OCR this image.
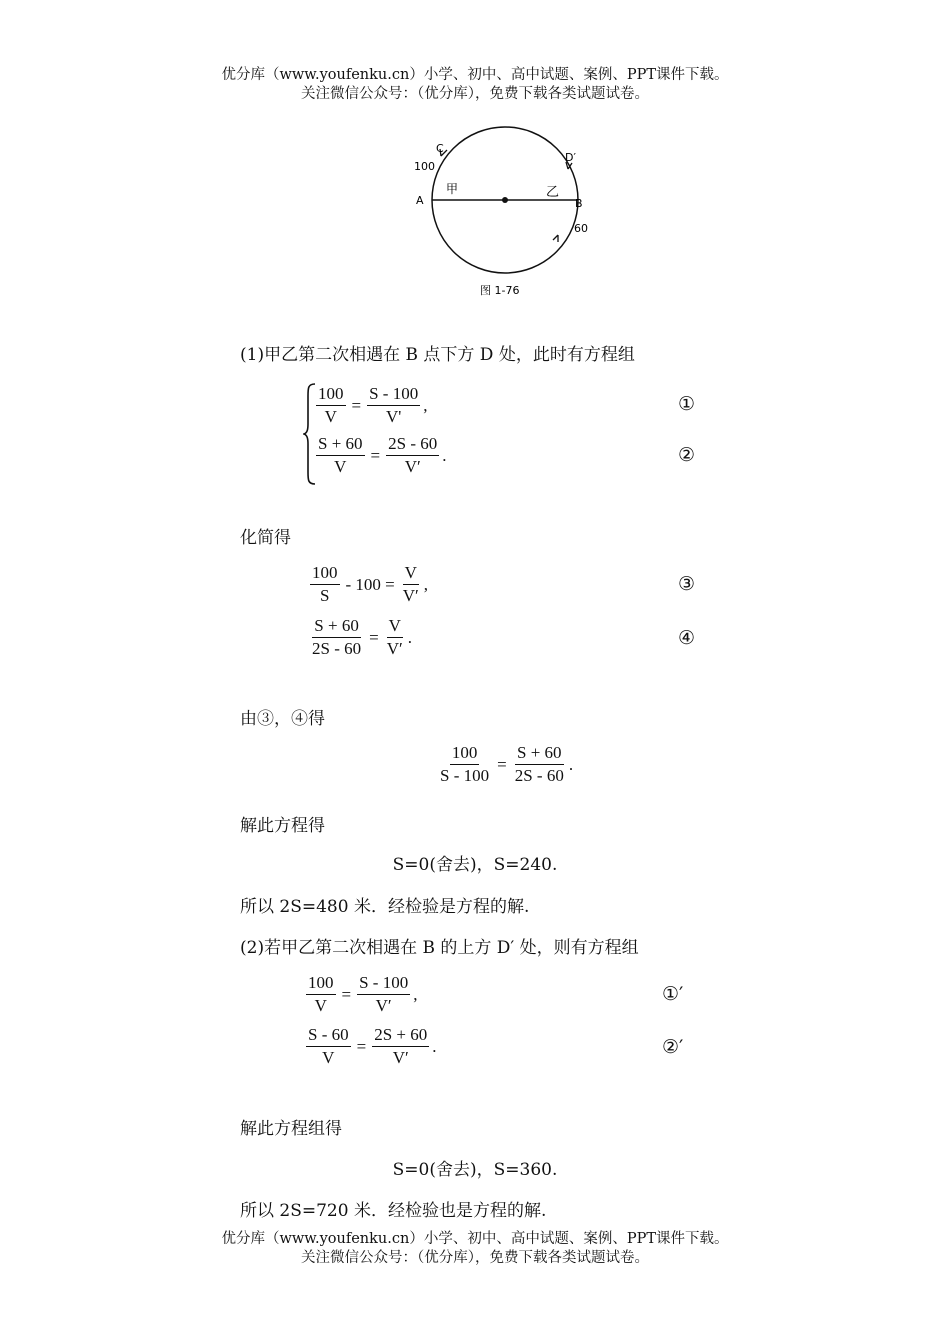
优分库（www.youfenku.cn）小学、初中、高中试题、案例、PPT课件下载。
关注微信公众号：（优分库），免费下载各类试题试卷。
C
100
D′
A
甲	乙
B
60
图 1-76
(1)甲乙第二次相遇在 B 点下方 D 处，此时有方程组
$\frac{100}{V} = \frac{S - 100}{V'}$ ,	①
$\frac{S + 60}{V} = \frac{2S - 60}{V'}$ .	②
化简得
$\frac{100}{S} - 100 = \frac{V}{V'}$ ,	③
$\frac{S + 60}{2S - 60} = \frac{V}{V'}$ .	④
由③，④得
$\frac{100}{S - 100} = \frac{S + 60}{2S - 60}$ .
解此方程得
S=0(舍去)，S=240.
所以 2S=480 米．经检验是方程的解.
(2)若甲乙第二次相遇在 B 的上方 D′ 处，则有方程组
$\frac{100}{V} = \frac{S - 100}{V'}$ ,	①′
$\frac{S - 60}{V} = \frac{2S + 60}{V'}$ .	②′
解此方程组得
S=0(舍去)，S=360.
所以 2S=720 米．经检验也是方程的解.
优分库（www.youfenku.cn）小学、初中、高中试题、案例、PPT课件下载。
关注微信公众号：（优分库），免费下载各类试题试卷。
